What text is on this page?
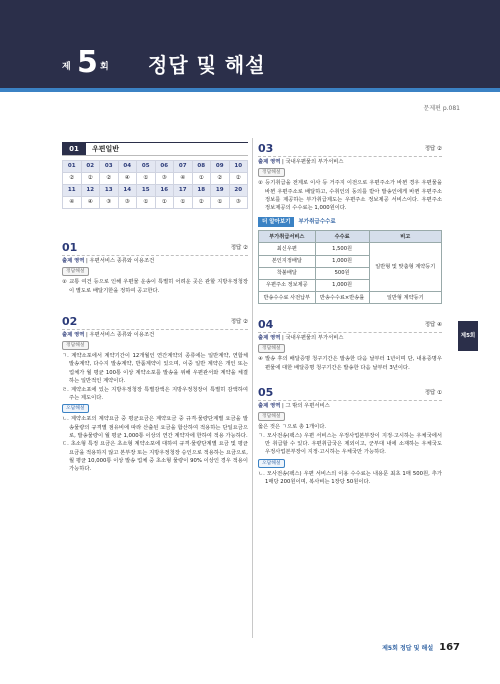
제 5 회 정답 및 해설
문제편 p.081
01	우편일반
01	02	03	04	05	06	07	08	09	10
②	②	②	④	①	③	④	①	②	②
11	12	13	14	15	16	17	18	19	20
④	④	③	③	①	①	①	②	①	③
01	정답 ②
출제 영역 | 우편서비스 종류와 이용조건
정답해설
② 교통 여건 등으로 인해 우편물 운송이 특별히 어려운 곳은 관할 지방우정청장이 별도로 배달기한을 정하여 공고한다.
02	정답 ②
출제 영역 | 우편서비스 종류와 이용조건
정답해설
ㄱ. 계약소포에서 계약기간이 12개월인 연간계약의 종류에는 일반계약, 연합체 발송계약, 다수지 발송계약, 반품계약이 있으며, 이중 일반 계약은 개인 또는 업체가 월 평균 100통 이상 계약소포를 발송을 위해 우편관서와 계약을 체결하는 일반적인 계약이다.
ㄹ. 계약소포에 있는 지방우정청장 특별감액은 지방우정청장이 특별히 감액하여 주는 제도이다.
오답해설
ㄴ. 계약소포의 계약요금 중 평균요금은 계약요금 중 규격·물량단계별 요금을 발송물량의 규격별 점유비에 따라 산출된 요금을 합산하여 적용하는 단일요금으로, 발송물량이 월 평균 1,000통 이상의 연간 계약자에 한하여 적용 가능하다.
ㄷ. 초소형 특정 요금은 초소형 계약소포에 대하여 규격·물량단계별 요금 및 평균요금을 적용하지 않고 본부장 또는 지방우정청장 승인으로 적용하는 요금으로, 월 평균 10,000통 이상 발송 업체 중 초소형 물량이 90% 이상인 경우 적용이 가능하다.
03	정답 ②
출제 영역 | 국내우편물의 부가서비스
정답해설
② 등기취급을 전제로 이사 등 거주지 이전으로 우편주소가 바뀐 경우 우편물을 바뀐 우편주소로 배달하고, 수취인의 동의를 받아 발송인에게 바뀐 우편주소정보를 제공하는 부가취급제도는 우편주소 정보제공 서비스이다. 우편주소 정보제공의 수수료는 1,000원이다.
더 알아보기	부가취급수수료
부가취급서비스	수수료	비고
최신우편	1,500원	일반형 및 맞춤형 계약등기
본인지정배달	1,000원	
착불배달	500원	
우편주소 정보제공	1,000원	
반송수수료 사전납부	반송수수료×반송률	일반형 계약등기
04	정답 ④
출제 영역 | 국내우편물의 부가서비스
정답해설
④ 발송 후의 배달증명 청구기간은 발송한 다음 날부터 1년이며 단, 내용증명우편물에 대한 배달증명 청구기간은 발송한 다음 날부터 3년이다.
05	정답 ①
출제 영역 | 그 밖의 우편서비스
정답해설
옳은 것은 ㄱ으로 총 1개이다.
ㄱ. 모사전송(팩스) 우편 서비스는 우정사업본부장이 지정·고시하는 우체국에서만 취급할 수 있다. 우편취급국은 제외이고, 군부대 내에 소재하는 우체국도 우정사업본부장이 지정·고시하는 우체국만 가능하다.
오답해설
ㄴ. 모사전송(팩스) 우편 서비스의 이용 수수료는 내용문 최초 1매 500원, 추가 1매당 200원이며, 복사비는 1장당 50원이다.
제5회
제5회 정답 및 해설 167
